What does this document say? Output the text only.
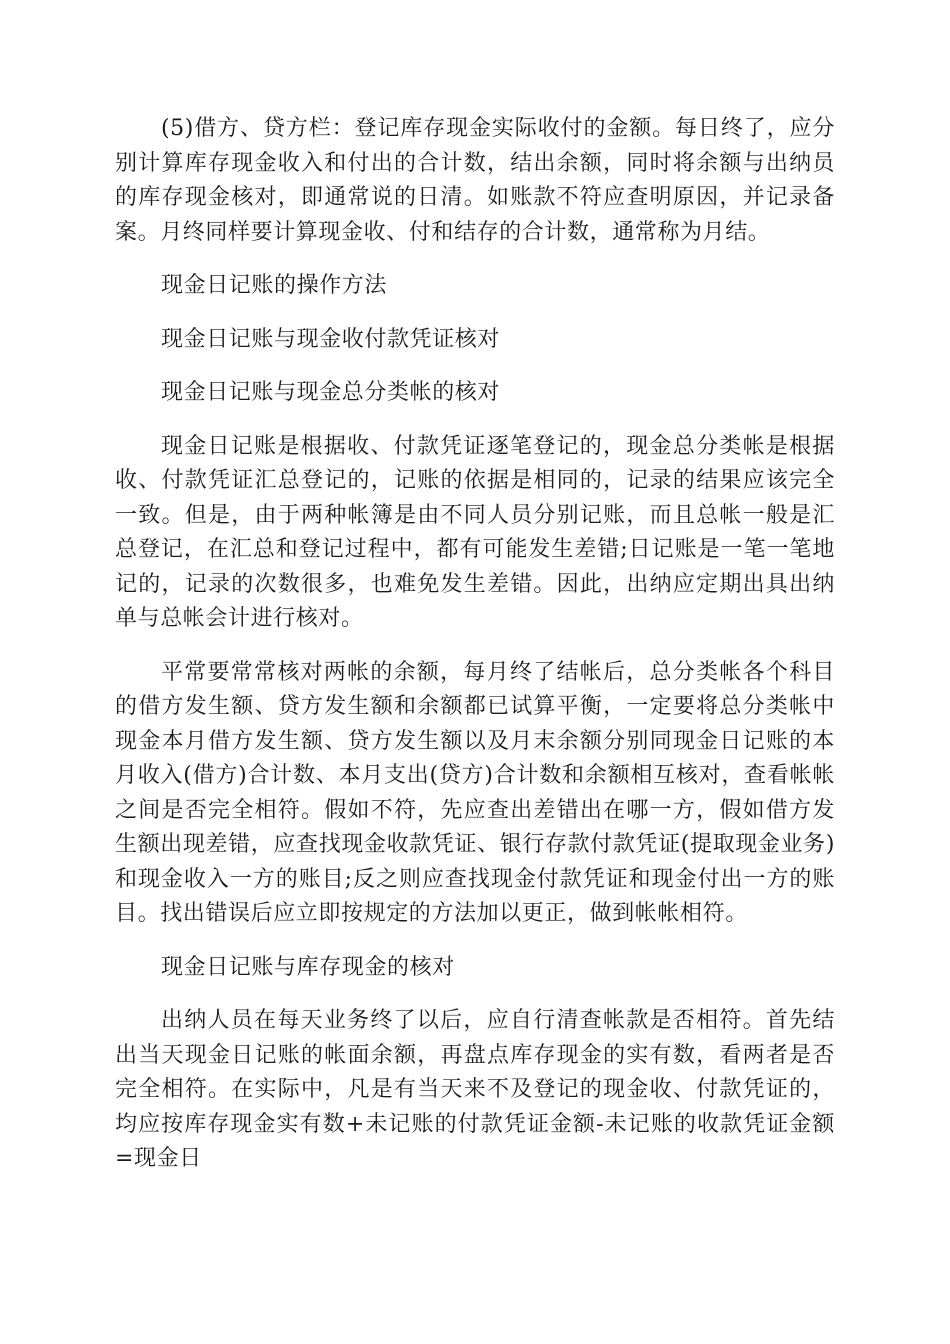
(5)借方、贷方栏：登记库存现金实际收付的金额。每日终了，应分别计算库存现金收入和付出的合计数，结出余额，同时将余额与出纳员的库存现金核对，即通常说的日清。如账款不符应查明原因，并记录备案。月终同样要计算现金收、付和结存的合计数，通常称为月结。

现金日记账的操作方法

现金日记账与现金收付款凭证核对

现金日记账与现金总分类帐的核对

现金日记账是根据收、付款凭证逐笔登记的，现金总分类帐是根据收、付款凭证汇总登记的，记账的依据是相同的，记录的结果应该完全一致。但是，由于两种帐簿是由不同人员分别记账，而且总帐一般是汇总登记，在汇总和登记过程中，都有可能发生差错;日记账是一笔一笔地记的，记录的次数很多，也难免发生差错。因此，出纳应定期出具出纳单与总帐会计进行核对。

平常要常常核对两帐的余额，每月终了结帐后，总分类帐各个科目的借方发生额、贷方发生额和余额都已试算平衡，一定要将总分类帐中现金本月借方发生额、贷方发生额以及月末余额分别同现金日记账的本月收入(借方)合计数、本月支出(贷方)合计数和余额相互核对，查看帐帐之间是否完全相符。假如不符，先应查出差错出在哪一方，假如借方发生额出现差错，应查找现金收款凭证、银行存款付款凭证(提取现金业务)和现金收入一方的账目;反之则应查找现金付款凭证和现金付出一方的账目。找出错误后应立即按规定的方法加以更正，做到帐帐相符。

现金日记账与库存现金的核对

出纳人员在每天业务终了以后，应自行清查帐款是否相符。首先结出当天现金日记账的帐面余额，再盘点库存现金的实有数，看两者是否完全相符。在实际中，凡是有当天来不及登记的现金收、付款凭证的，均应按库存现金实有数+未记账的付款凭证金额-未记账的收款凭证金额=现金日
